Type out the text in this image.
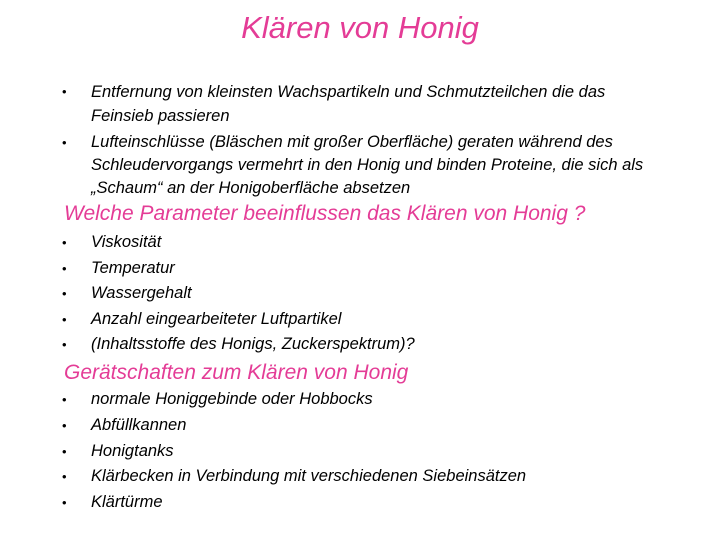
Klären von Honig
• Entfernung von kleinsten Wachspartikeln und Schmutzteilchen die das
Feinsieb passieren
• Lufteinschlüsse (Bläschen mit großer Oberfläche) geraten während des
Schleudervorgangs vermehrt in den Honig und binden Proteine, die sich als
„Schaum“ an der Honigoberfläche absetzen
Welche Parameter beeinflussen das Klären von Honig ?
• Viskosität
• Temperatur
• Wassergehalt
• Anzahl eingearbeiteter Luftpartikel
• (Inhaltsstoffe des Honigs, Zuckerspektrum)?
Gerätschaften zum Klären von Honig
• normale Honiggebinde oder Hobbocks
• Abfüllkannen
• Honigtanks
• Klärbecken in Verbindung mit verschiedenen Siebeinsätzen
• Klärtürme
